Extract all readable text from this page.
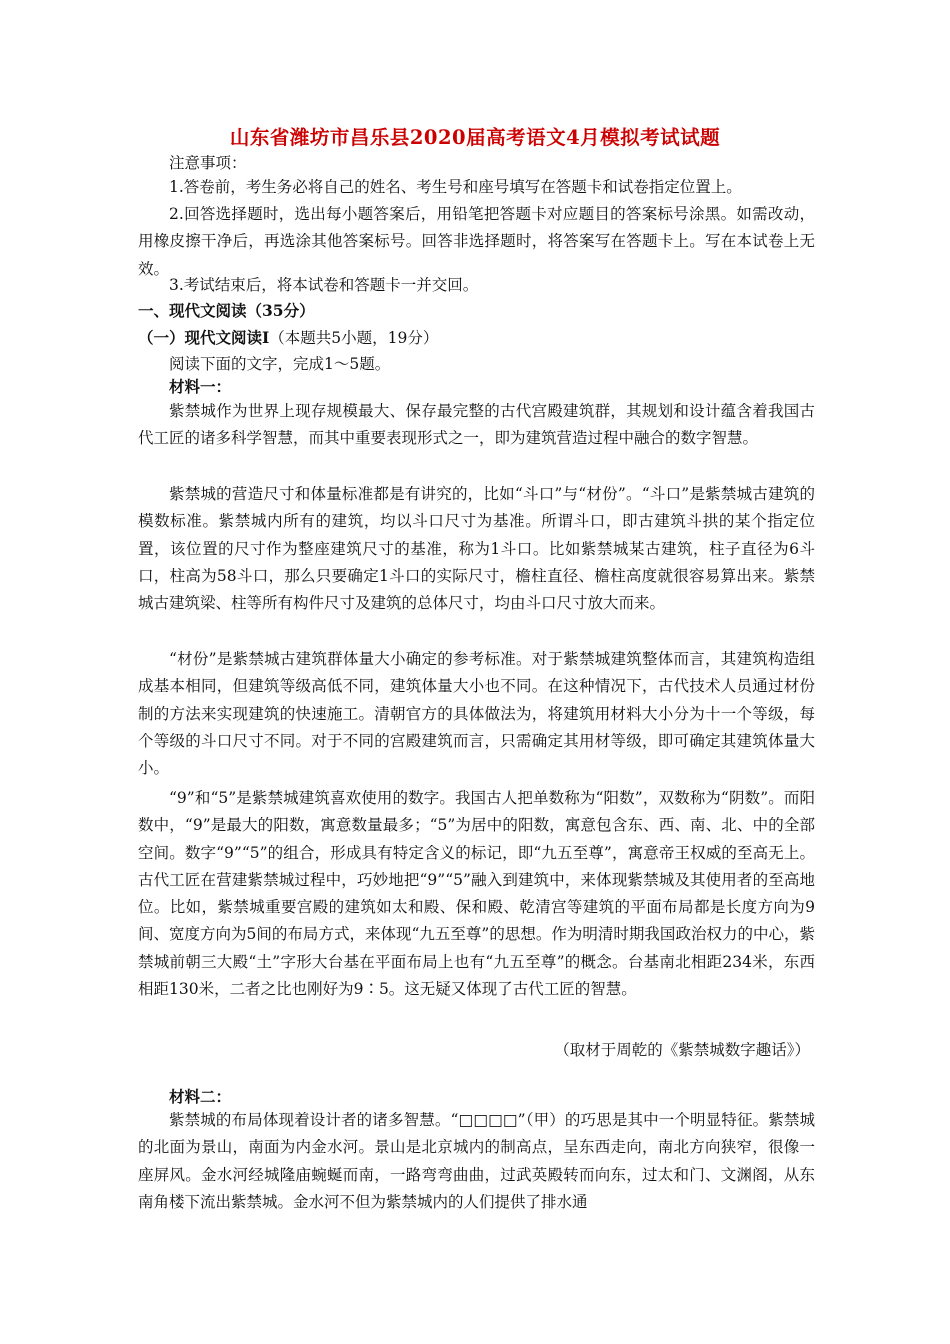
山东省潍坊市昌乐县2020届高考语文4月模拟考试试题
注意事项：
1.答卷前，考生务必将自己的姓名、考生号和座号填写在答题卡和试卷指定位置上。
2.回答选择题时，选出每小题答案后，用铅笔把答题卡对应题目的答案标号涂黑。如需改动，用橡皮擦干净后，再选涂其他答案标号。回答非选择题时，将答案写在答题卡上。写在本试卷上无效。
3.考试结束后，将本试卷和答题卡一并交回。
一、现代文阅读（35分）
（一）现代文阅读Ⅰ（本题共5小题，19分）
阅读下面的文字，完成1～5题。
材料一：
紫禁城作为世界上现存规模最大、保存最完整的古代宫殿建筑群，其规划和设计蕴含着我国古代工匠的诸多科学智慧，而其中重要表现形式之一，即为建筑营造过程中融合的数字智慧。
紫禁城的营造尺寸和体量标准都是有讲究的，比如“斗口”与“材份”。“斗口”是紫禁城古建筑的模数标准。紫禁城内所有的建筑，均以斗口尺寸为基准。所谓斗口，即古建筑斗拱的某个指定位置，该位置的尺寸作为整座建筑尺寸的基准，称为1斗口。比如紫禁城某古建筑，柱子直径为6斗口，柱高为58斗口，那么只要确定1斗口的实际尺寸，檐柱直径、檐柱高度就很容易算出来。紫禁城古建筑梁、柱等所有构件尺寸及建筑的总体尺寸，均由斗口尺寸放大而来。
“材份”是紫禁城古建筑群体量大小确定的参考标准。对于紫禁城建筑整体而言，其建筑构造组成基本相同，但建筑等级高低不同，建筑体量大小也不同。在这种情况下，古代技术人员通过材份制的方法来实现建筑的快速施工。清朝官方的具体做法为，将建筑用材料大小分为十一个等级，每个等级的斗口尺寸不同。对于不同的宫殿建筑而言，只需确定其用材等级，即可确定其建筑体量大小。
“9”和“5”是紫禁城建筑喜欢使用的数字。我国古人把单数称为“阳数”，双数称为“阴数”。而阳数中，“9”是最大的阳数，寓意数量最多；“5”为居中的阳数，寓意包含东、西、南、北、中的全部空间。数字“9”“5”的组合，形成具有特定含义的标记，即“九五至尊”，寓意帝王权威的至高无上。古代工匠在营建紫禁城过程中，巧妙地把“9”“5”融入到建筑中，来体现紫禁城及其使用者的至高地位。比如，紫禁城重要宫殿的建筑如太和殿、保和殿、乾清宫等建筑的平面布局都是长度方向为9间、宽度方向为5间的布局方式，来体现“九五至尊”的思想。作为明清时期我国政治权力的中心，紫禁城前朝三大殿“土”字形大台基在平面布局上也有“九五至尊”的概念。台基南北相距234米，东西相距130米，二者之比也刚好为9∶5。这无疑又体现了古代工匠的智慧。
（取材于周乾的《紫禁城数字趣话》）
材料二：
紫禁城的布局体现着设计者的诸多智慧。“□□□□”（甲）的巧思是其中一个明显特征。紫禁城的北面为景山，南面为内金水河。景山是北京城内的制高点，呈东西走向，南北方向狭窄，很像一座屏风。金水河经城隆庙蜿蜒而南，一路弯弯曲曲，过武英殿转而向东，过太和门、文渊阁，从东南角楼下流出紫禁城。金水河不但为紫禁城内的人们提供了排水通
